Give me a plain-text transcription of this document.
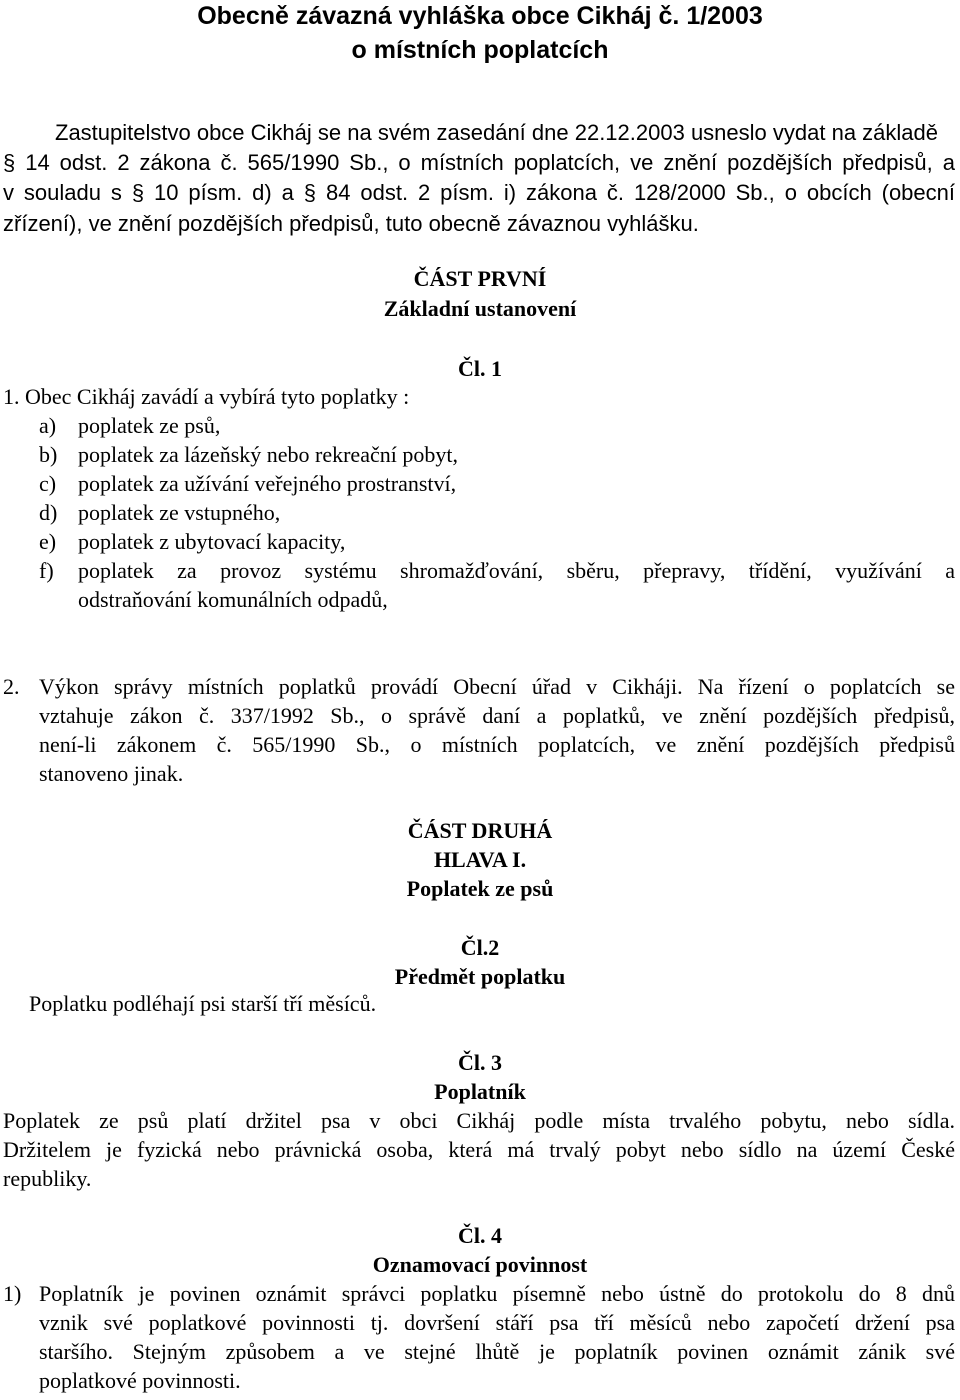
Obecně závazná vyhláška obce Cikháj č. 1/2003
o místních poplatcích
Zastupitelstvo obce Cikháj se na svém zasedání dne 22.12.2003 usneslo vydat na základě
§ 14 odst. 2 zákona č. 565/1990 Sb., o místních poplatcích, ve znění pozdějších předpisů, a
v souladu s § 10 písm. d) a § 84 odst. 2 písm. i) zákona č. 128/2000 Sb., o obcích (obecní
zřízení), ve znění pozdějších předpisů, tuto obecně závaznou vyhlášku.
ČÁST PRVNÍ
Základní ustanovení
Čl. 1
1. Obec Cikháj zavádí a vybírá tyto poplatky :
a) poplatek ze psů,
b) poplatek za lázeňský nebo rekreační pobyt,
c) poplatek za užívání veřejného prostranství,
d) poplatek ze vstupného,
e) poplatek z ubytovací kapacity,
f) poplatek za provoz systému shromažďování, sběru, přepravy, třídění, využívání a
odstraňování komunálních odpadů,
2. Výkon správy místních poplatků provádí Obecní úřad v Cikháji. Na řízení o poplatcích se
vztahuje zákon č. 337/1992 Sb., o správě daní a poplatků, ve znění pozdějších předpisů,
není-li zákonem č. 565/1990 Sb., o místních poplatcích, ve znění pozdějších předpisů
stanoveno jinak.
ČÁST DRUHÁ
HLAVA I.
Poplatek ze psů
Čl.2
Předmět poplatku
Poplatku podléhají psi starší tří měsíců.
Čl. 3
Poplatník
Poplatek ze psů platí držitel psa v obci Cikháj podle místa trvalého pobytu, nebo sídla.
Držitelem je fyzická nebo právnická osoba, která má trvalý pobyt nebo sídlo na území České
republiky.
Čl. 4
Oznamovací povinnost
1) Poplatník je povinen oznámit správci poplatku písemně nebo ústně do protokolu do 8 dnů
vznik své poplatkové povinnosti tj. dovršení stáří psa tří měsíců nebo započetí držení psa
staršího. Stejným způsobem a ve stejné lhůtě je poplatník povinen oznámit zánik své
poplatkové povinnosti.
